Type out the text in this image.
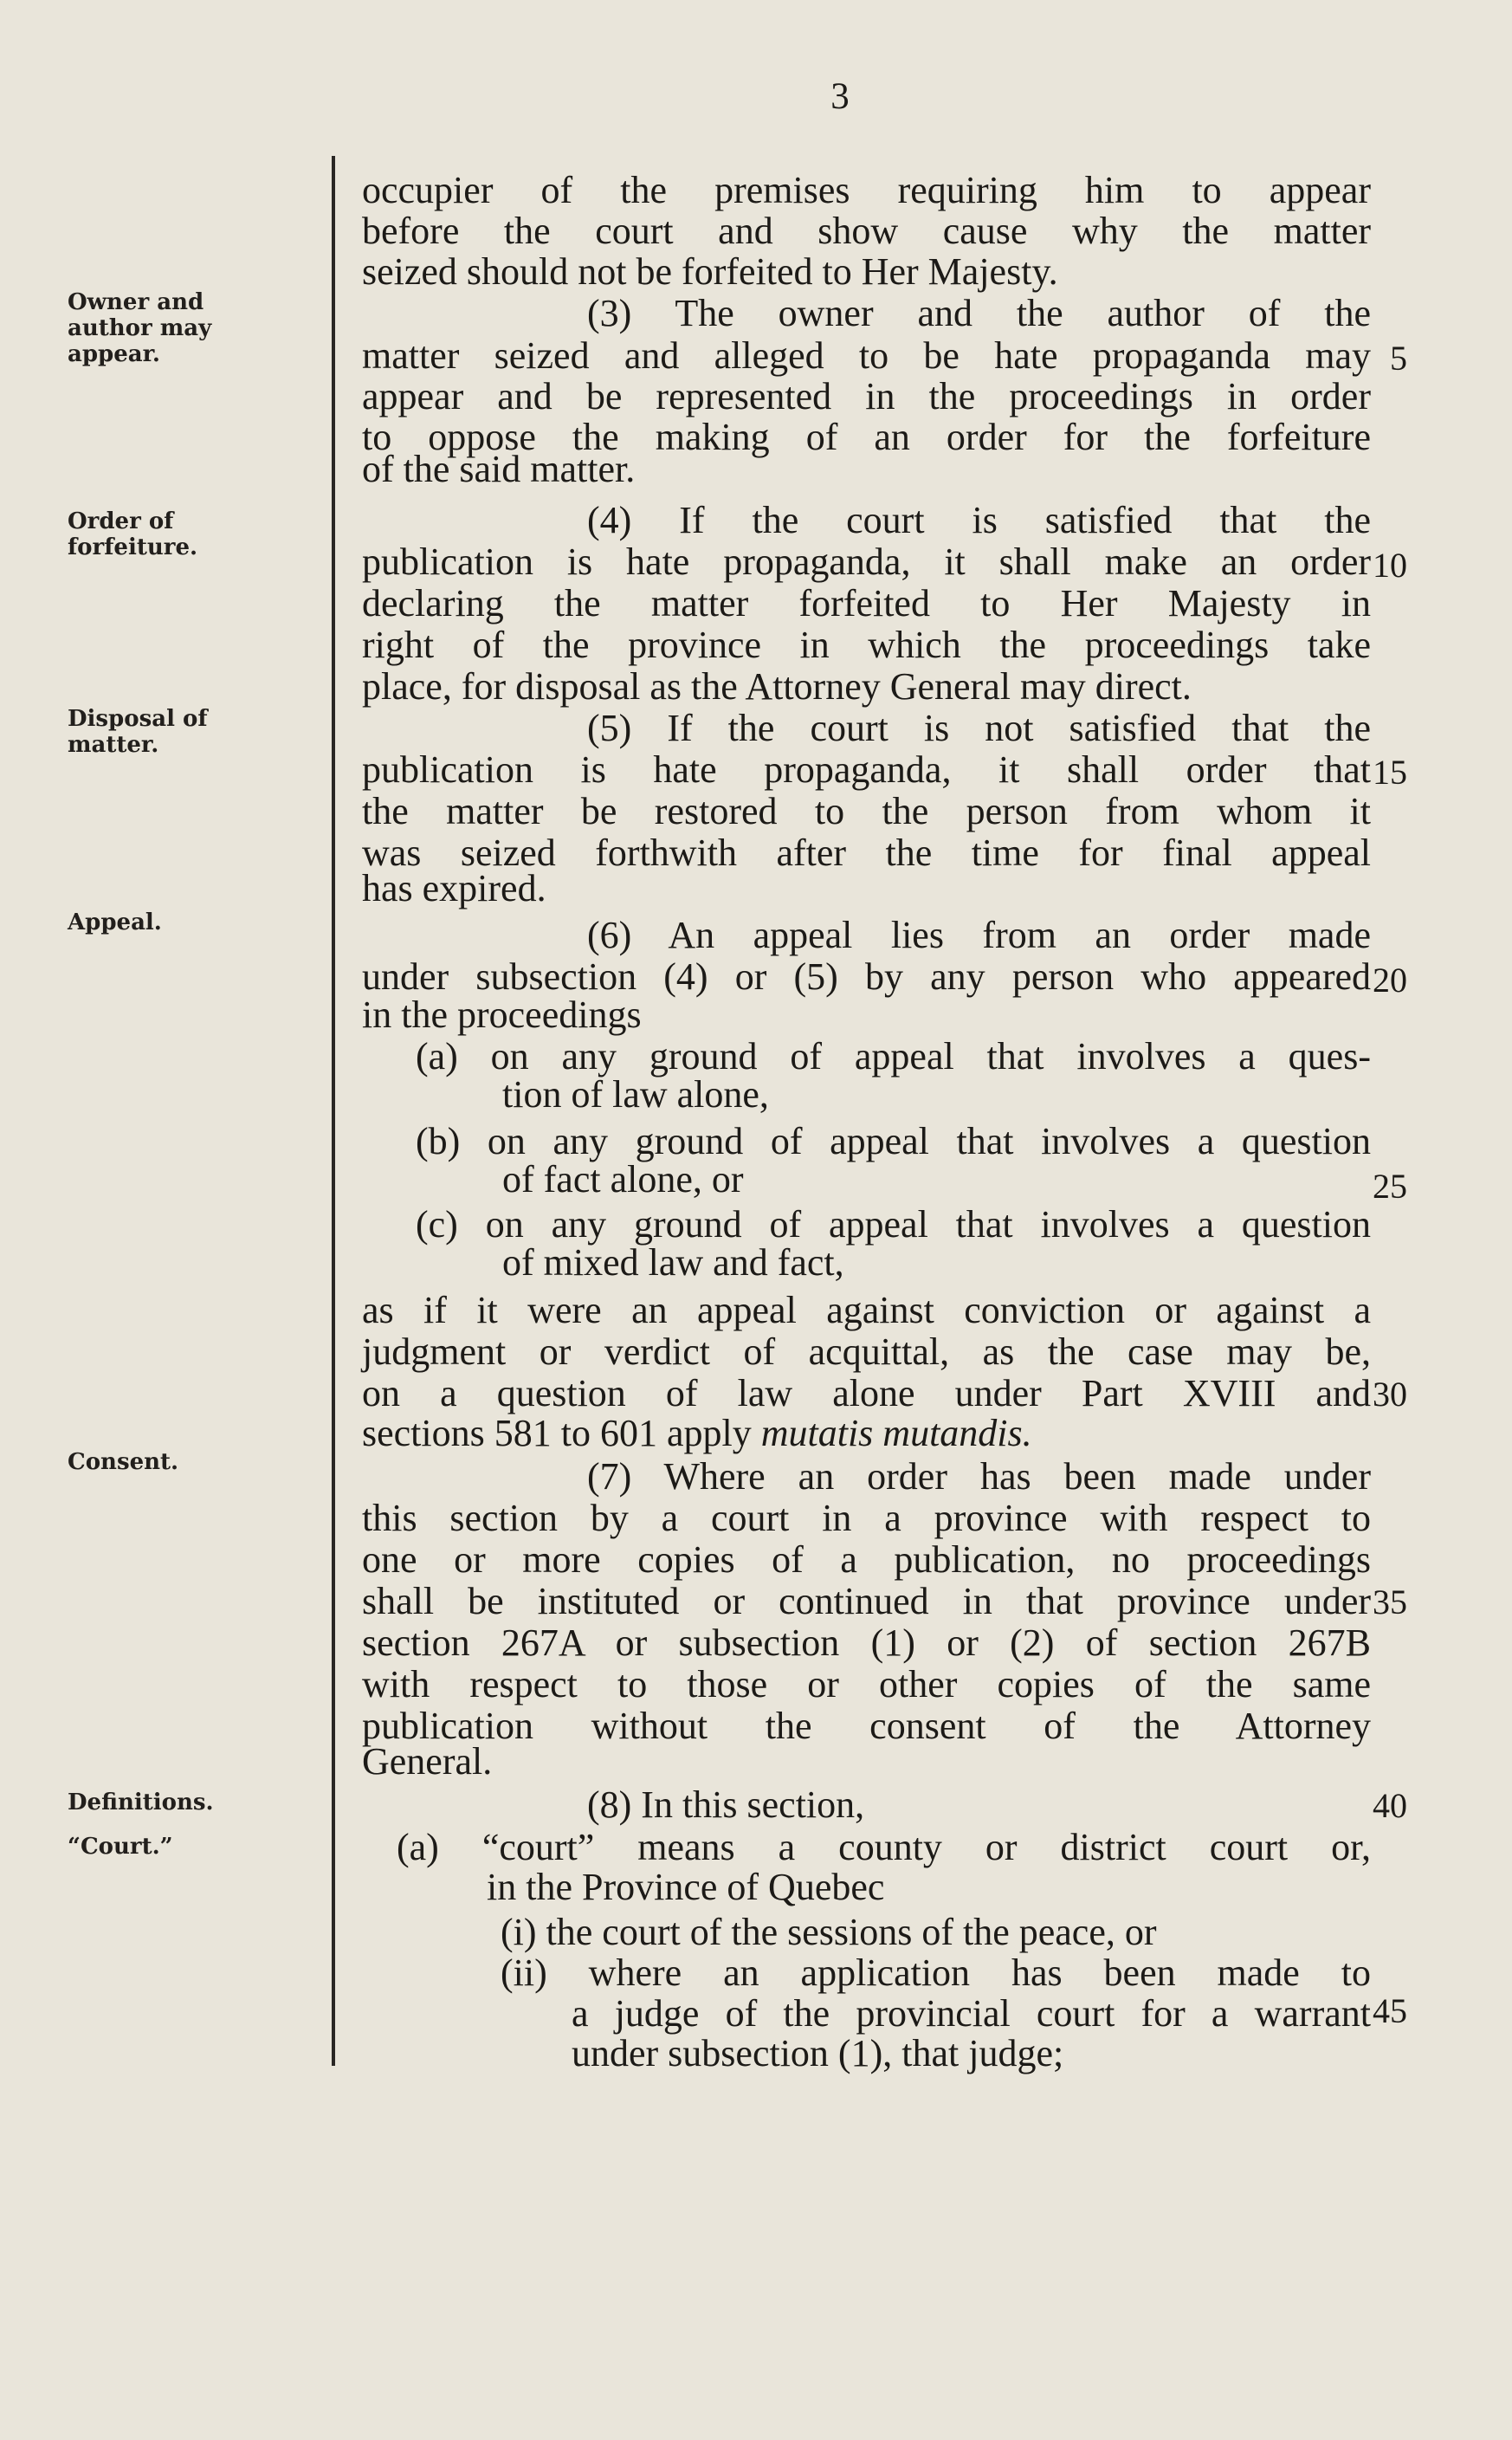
3
Owner and author may appear.
Order of forfeiture.
Disposal of matter.
Appeal.
Consent.
Definitions.
“Court.”
occupier of the premises requiring him to appear
before the court and show cause why the matter
seized should not be forfeited to Her Majesty.
(3) The owner and the author of the
matter seized and alleged to be hate propaganda may
appear and be represented in the proceedings in order
to oppose the making of an order for the forfeiture
of the said matter.
(4) If the court is satisfied that the
publication is hate propaganda, it shall make an order
declaring the matter forfeited to Her Majesty in
right of the province in which the proceedings take
place, for disposal as the Attorney General may direct.
(5) If the court is not satisfied that the
publication is hate propaganda, it shall order that
the matter be restored to the person from whom it
was seized forthwith after the time for final appeal
has expired.
(6) An appeal lies from an order made
under subsection (4) or (5) by any person who appeared
in the proceedings
(a) on any ground of appeal that involves a ques-
tion of law alone,
(b) on any ground of appeal that involves a question
of fact alone, or
(c) on any ground of appeal that involves a question
of mixed law and fact,
as if it were an appeal against conviction or against a
judgment or verdict of acquittal, as the case may be,
on a question of law alone under Part XVIII and
sections 581 to 601 apply mutatis mutandis.
(7) Where an order has been made under
this section by a court in a province with respect to
one or more copies of a publication, no proceedings
shall be instituted or continued in that province under
section 267A or subsection (1) or (2) of section 267B
with respect to those or other copies of the same
publication without the consent of the Attorney
General.
(8) In this section,
(a) “court” means a county or district court or,
in the Province of Quebec
(i) the court of the sessions of the peace, or
(ii) where an application has been made to
a judge of the provincial court for a warrant
under subsection (1), that judge;
5
10
15
20
25
30
35
40
45
